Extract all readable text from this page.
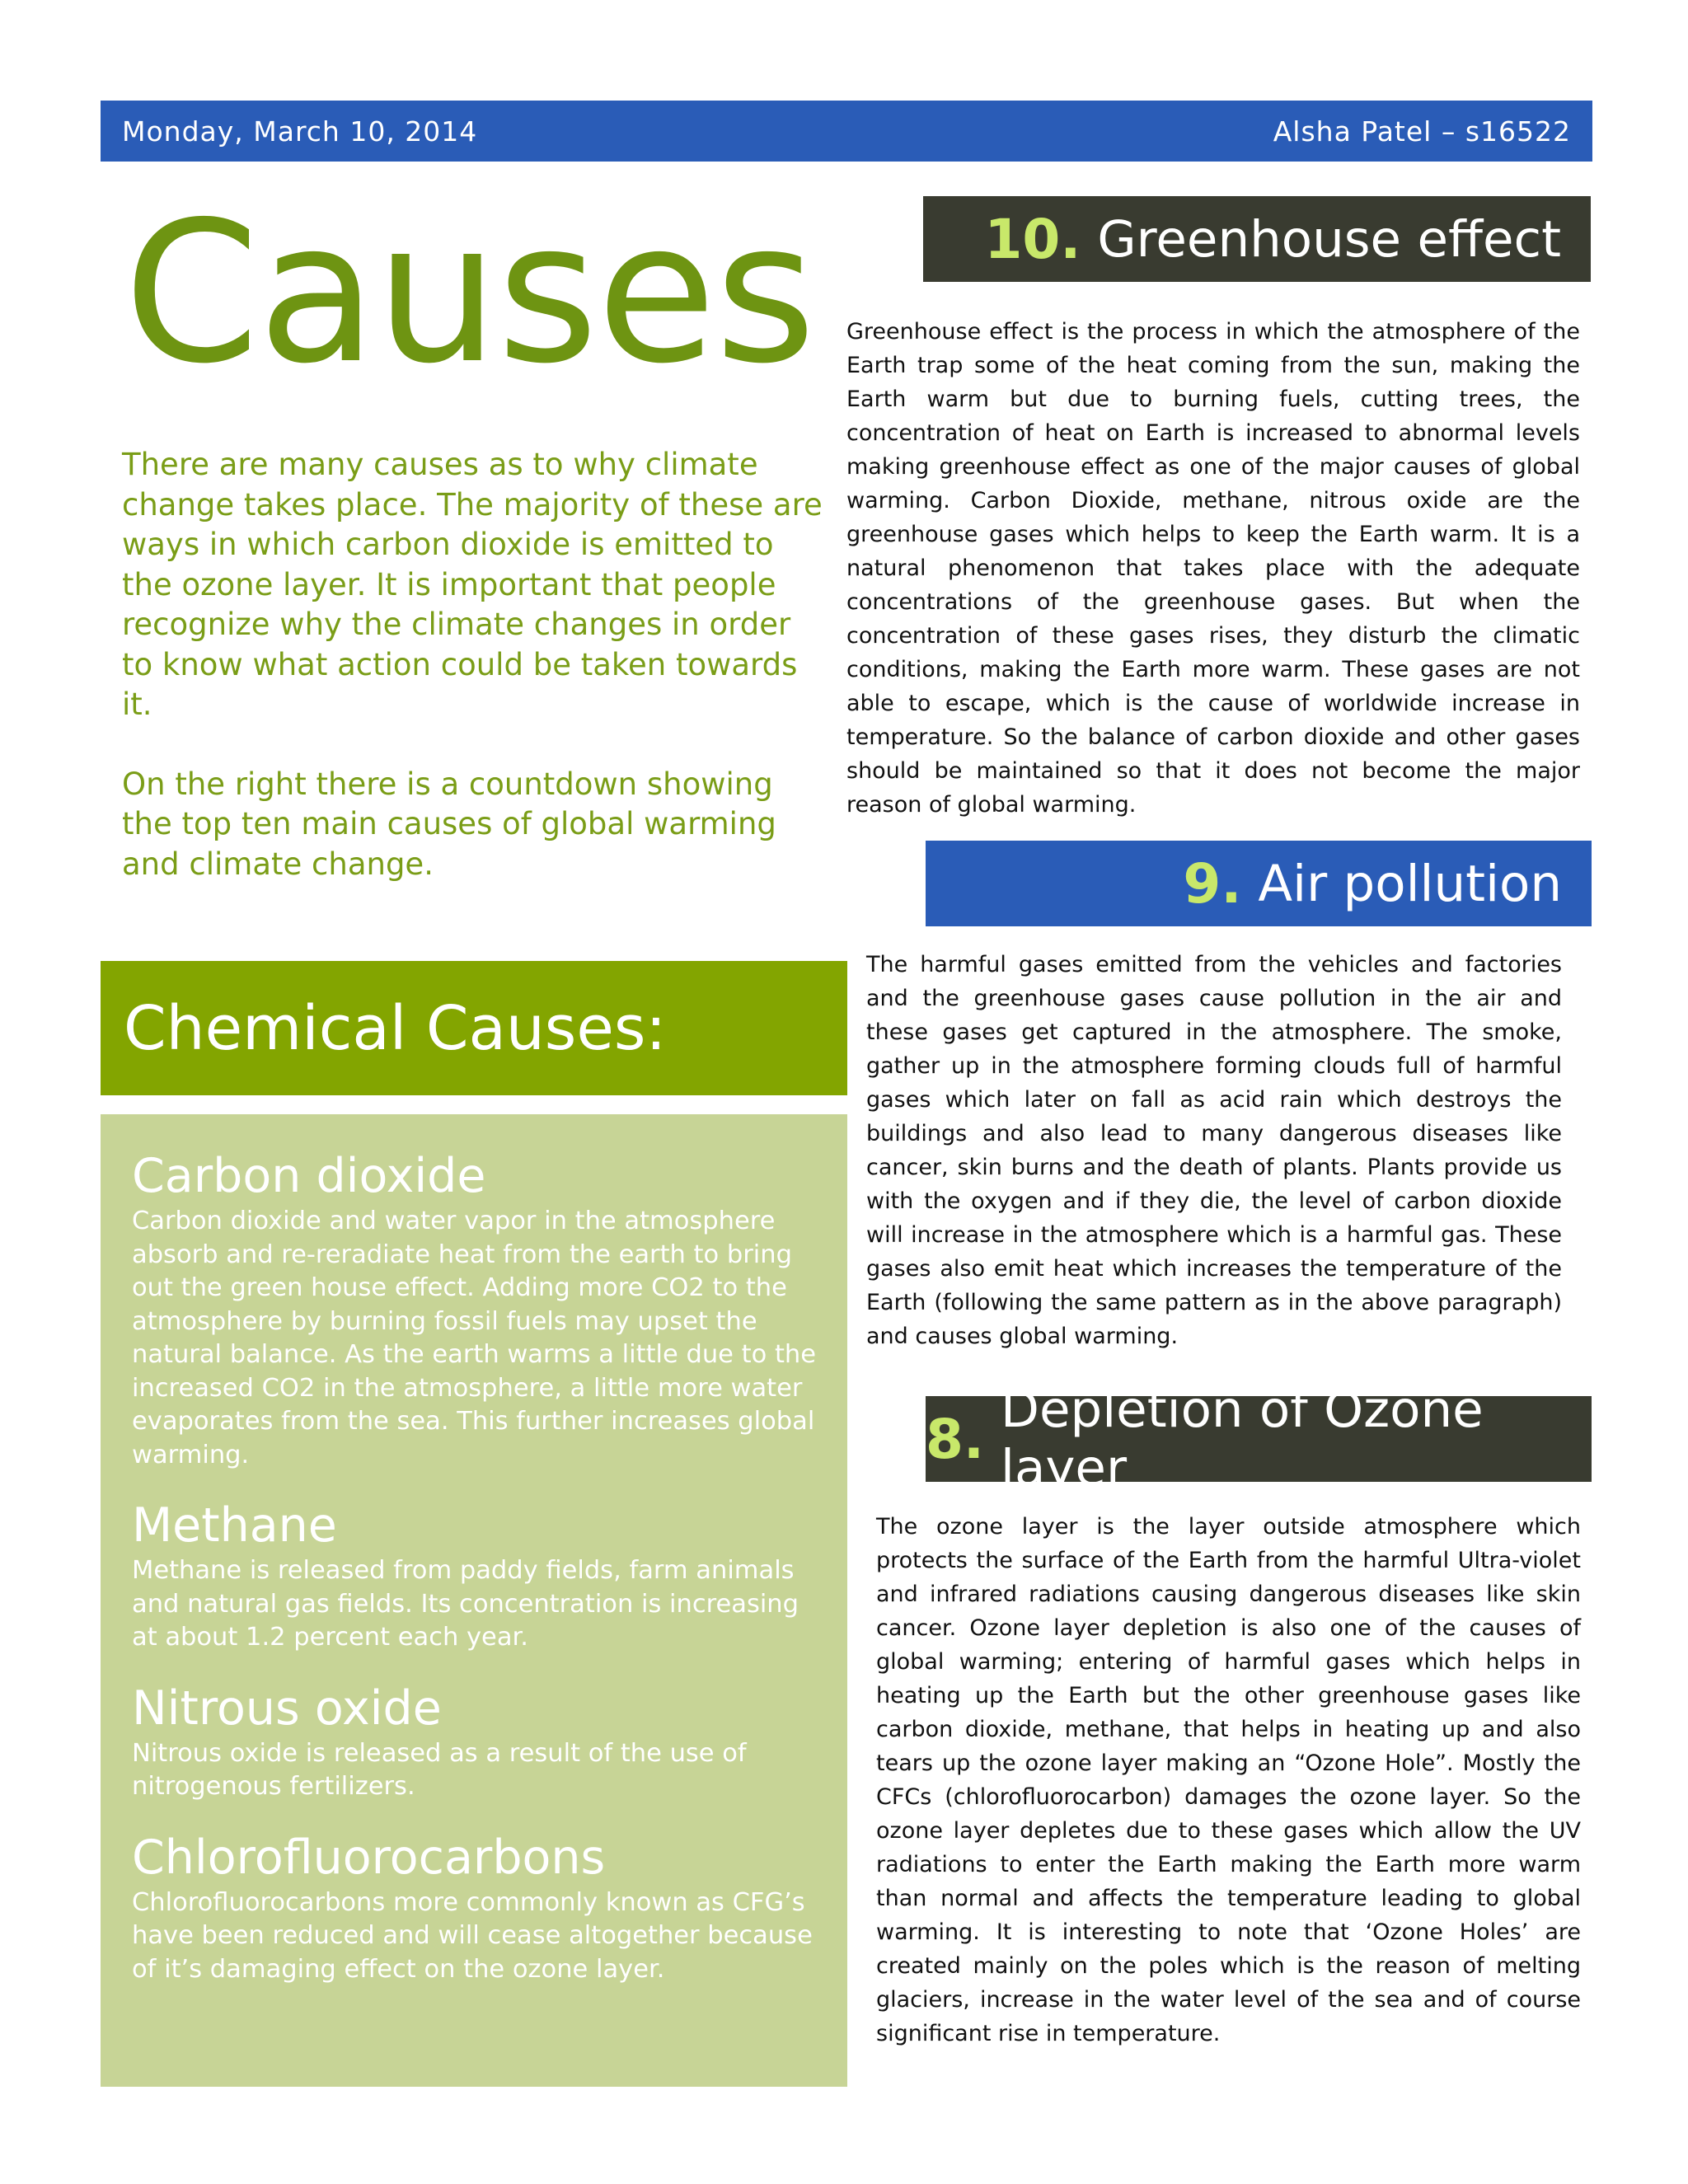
Monday, March 10, 2014	Alsha Patel – s16522
Causes

There are many causes as to why climate change takes place. The majority of these are ways in which carbon dioxide is emitted to the ozone layer. It is important that people recognize why the climate changes in order to know what action could be taken towards it.

On the right there is a countdown showing the top ten main causes of global warming and climate change.

Chemical Causes:
Carbon dioxide

Carbon dioxide and water vapor in the atmosphere absorb and re-reradiate heat from the earth to bring out the green house effect. Adding more CO2 to the atmosphere by burning fossil fuels may upset the natural balance. As the earth warms a little due to the increased CO2 in the atmosphere, a little more water evaporates from the sea. This further increases global warming.

Methane

Methane is released from paddy fields, farm animals and natural gas fields. Its concentration is increasing at about 1.2 percent each year.

Nitrous oxide

Nitrous oxide is released as a result of the use of nitrogenous fertilizers.

Chlorofluorocarbons

Chlorofluorocarbons more commonly known as CFG’s have been reduced and will cease altogether because of it’s damaging effect on the ozone layer.

10. Greenhouse effect

Greenhouse effect is the process in which the atmosphere of the Earth trap some of the heat coming from the sun, making the Earth warm but due to burning fuels, cutting trees, the concentration of heat on Earth is increased to abnormal levels making greenhouse effect as one of the major causes of global warming. Carbon Dioxide, methane, nitrous oxide are the greenhouse gases which helps to keep the Earth warm. It is a natural phenomenon that takes place with the adequate concentrations of the greenhouse gases. But when the concentration of these gases rises, they disturb the climatic conditions, making the Earth more warm. These gases are not able to escape, which is the cause of worldwide increase in temperature. So the balance of carbon dioxide and other gases should be maintained so that it does not become the major reason of global warming.

9. Air pollution

The harmful gases emitted from the vehicles and factories and the greenhouse gases cause pollution in the air and these gases get captured in the atmosphere. The smoke, gather up in the atmosphere forming clouds full of harmful gases which later on fall as acid rain which destroys the buildings and also lead to many dangerous diseases like cancer, skin burns and the death of plants. Plants provide us with the oxygen and if they die, the level of carbon dioxide will increase in the atmosphere which is a harmful gas. These gases also emit heat which increases the temperature of the Earth (following the same pattern as in the above paragraph) and causes global warming.

8. Depletion of Ozone layer

The ozone layer is the layer outside atmosphere which protects the surface of the Earth from the harmful Ultra-violet and infrared radiations causing dangerous diseases like skin cancer. Ozone layer depletion is also one of the causes of global warming; entering of harmful gases which helps in heating up the Earth but the other greenhouse gases like carbon dioxide, methane, that helps in heating up and also tears up the ozone layer making an “Ozone Hole”. Mostly the CFCs (chlorofluorocarbon) damages the ozone layer. So the ozone layer depletes due to these gases which allow the UV radiations to enter the Earth making the Earth more warm than normal and affects the temperature leading to global warming. It is interesting to note that ‘Ozone Holes’ are created mainly on the poles which is the reason of melting glaciers, increase in the water level of the sea and of course significant rise in temperature.
